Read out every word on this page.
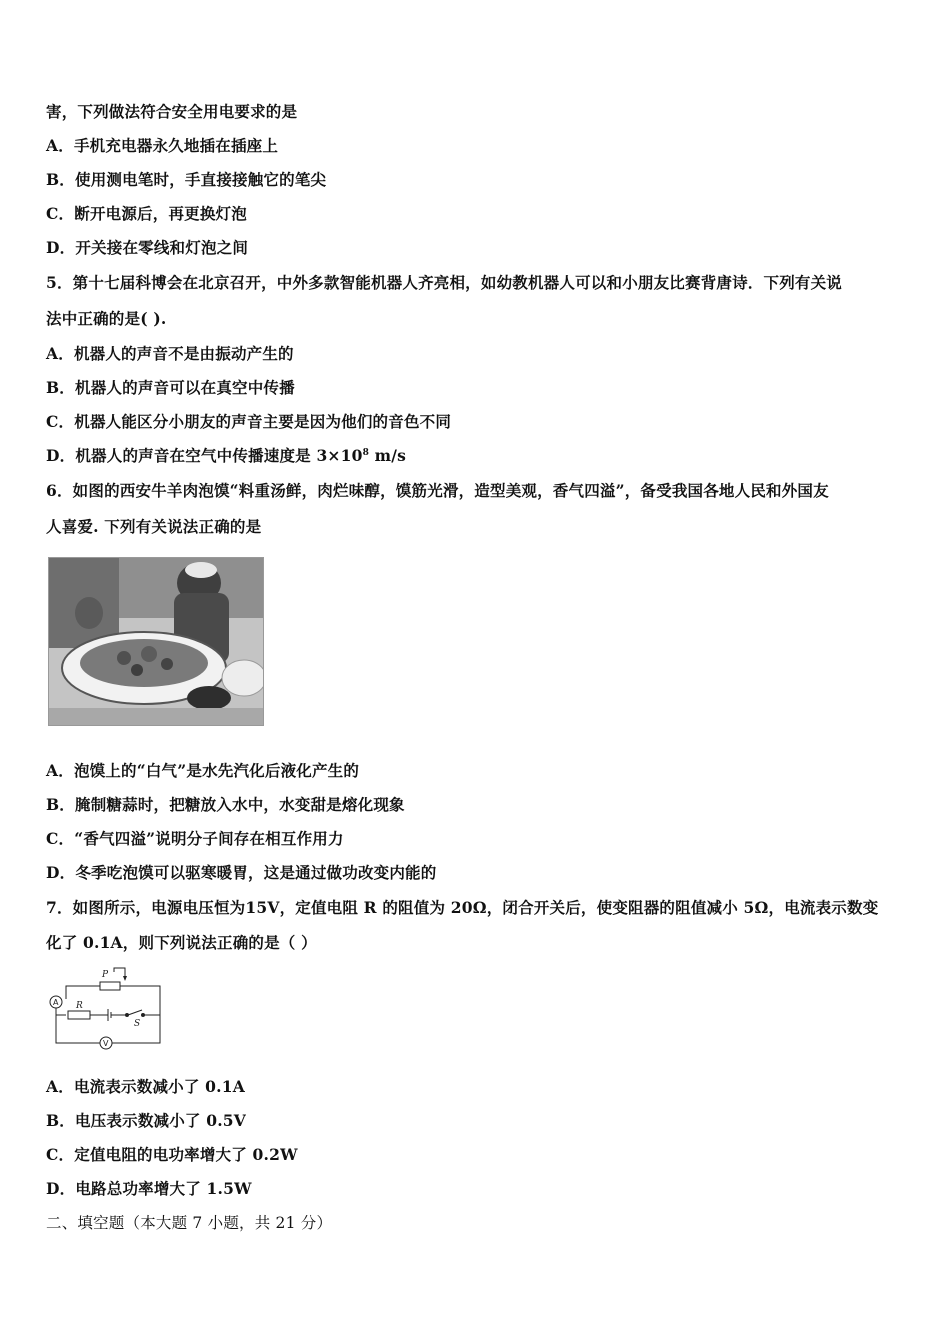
害，下列做法符合安全用电要求的是
A．手机充电器永久地插在插座上
B．使用测电笔时，手直接接触它的笔尖
C．断开电源后，再更换灯泡
D．开关接在零线和灯泡之间
5．第十七届科博会在北京召开，中外多款智能机器人齐亮相，如幼教机器人可以和小朋友比赛背唐诗．下列有关说
法中正确的是( ).
A．机器人的声音不是由振动产生的
B．机器人的声音可以在真空中传播
C．机器人能区分小朋友的声音主要是因为他们的音色不同
D．机器人的声音在空气中传播速度是 $3\times 10^8$ m/s
6．如图的西安牛羊肉泡馍“料重汤鲜，肉烂味醇，馍筋光滑，造型美观，香气四溢”，备受我国各地人民和外国友
人喜爱. 下列有关说法正确的是
A．泡馍上的“白气”是水先汽化后液化产生的
B．腌制糖蒜时，把糖放入水中，水变甜是熔化现象
C．“香气四溢”说明分子间存在相互作用力
D．冬季吃泡馍可以驱寒暖胃，这是通过做功改变内能的
7．如图所示，电源电压恒为15V，定值电阻 R 的阻值为 20Ω，闭合开关后，使变阻器的阻值减小 5Ω，电流表示数变
化了 0.1A，则下列说法正确的是（ ）
P
R
S
A
V
A．电流表示数减小了 0.1A
B．电压表示数减小了 0.5V
C．定值电阻的电功率增大了 0.2W
D．电路总功率增大了 1.5W
二、填空题（本大题 7 小题，共 21 分）
